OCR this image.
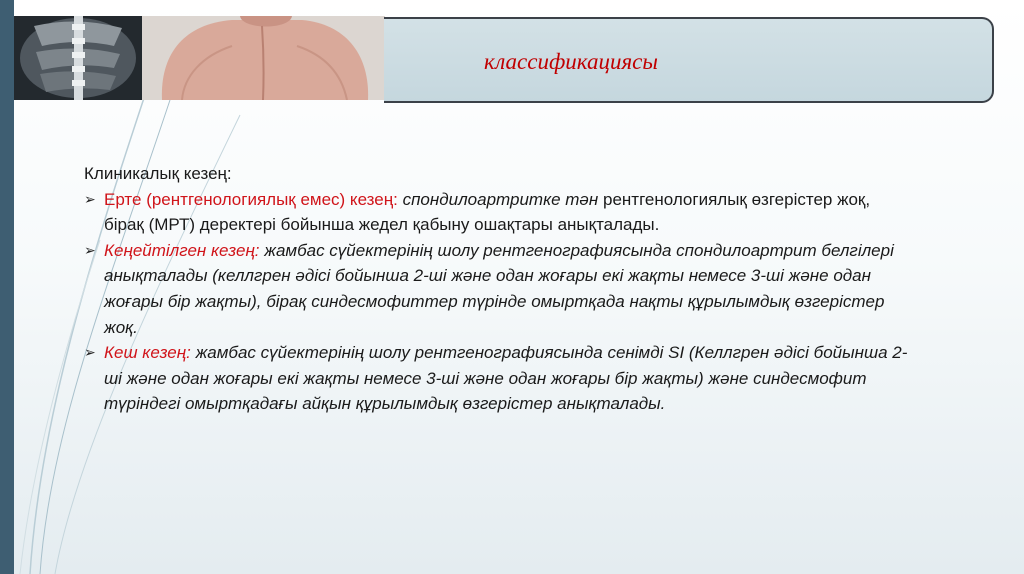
классификациясы

Клиникалық кезең:

➢ Ерте (рентгенологиялық емес) кезең: спондилоартритке тән рентгенологиялық өзгерістер жоқ, бірақ (МРТ) деректері бойынша жедел қабыну ошақтары анықталады.

➢ Кеңейтілген кезең: жамбас сүйектерінің шолу рентгенографиясында спондилоартрит белгілері анықталады (келлгрен әдісі бойынша 2-ші және одан жоғары екі жақты немесе 3-ші және одан жоғары бір жақты), бірақ синдесмофиттер түрінде омыртқада нақты құрылымдық өзгерістер жоқ.

➢ Кеш кезең: жамбас сүйектерінің шолу рентгенографиясында сенімді SI (Келлгрен әдісі бойынша 2-ші және одан жоғары екі жақты немесе 3-ші және одан жоғары бір жақты) және синдесмофит түріндегі омыртқадағы айқын құрылымдық өзгерістер анықталады.
